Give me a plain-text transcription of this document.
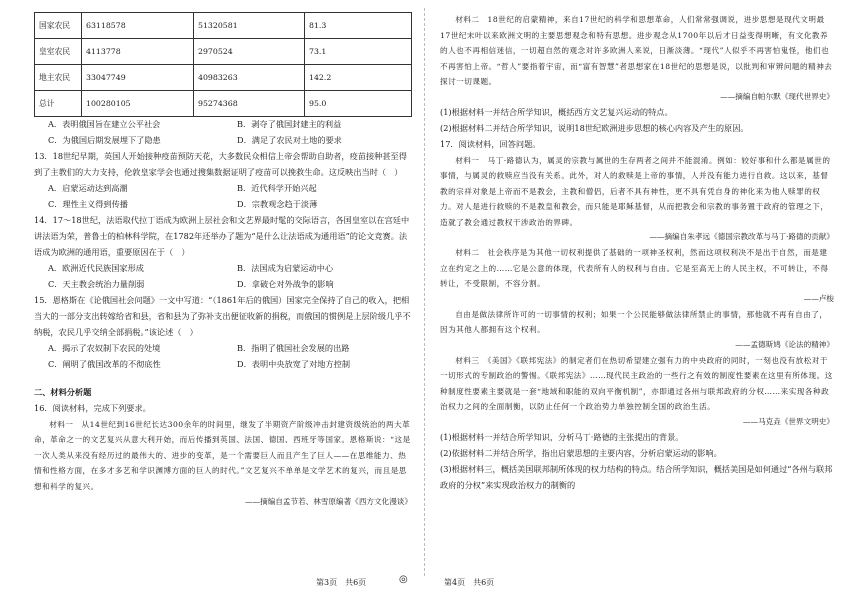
国家农民	63118578	51320581	81.3
皇室农民	4113778	2970524	73.1
地主农民	33047749	40983263	142.2
总计	100280105	95274368	95.0
A．表明俄国旨在建立公平社会	B．剥夺了俄国封建主的利益
C．为俄国后期发展埋下了隐患	D．满足了农民对土地的要求

13．18世纪早期，英国人开始接种疫苗预防天花，大多数民众相信上帝会帮助自助者，疫苗接种甚至得到了主教们的大力支持，伦敦皇家学会也通过搜集数据证明了疫苗可以挽救生命。这反映出当时（　）

A．启蒙运动达到高潮	B．近代科学开始兴起
C．理性主义得到传播	D．宗教观念趋于淡薄

14．17～18世纪，法语取代拉丁语成为欧洲上层社会和文艺界最时髦的交际语言，各国皇室以在宫廷中讲法语为荣，普鲁士的柏林科学院，在1782年还举办了题为“是什么让法语成为通用语”的论文竞赛。法语成为欧洲的通用语，重要原因在于（　）

A．欧洲近代民族国家形成	B．法国成为启蒙运动中心
C．天主教会统治力量削弱	D．拿破仑对外战争的影响

15．恩格斯在《论俄国社会问题》一文中写道：“（1861年后的俄国）国家完全保持了自己的收入，把相当大的一部分支出转嫁给省和县，省和县为了弥补支出便征收新的捐税，而俄国的惯例是上层阶级几乎不纳税，农民几乎交纳全部捐税。”该论述（　）

A．揭示了农奴制下农民的处境	B．指明了俄国社会发展的出路
C．阐明了俄国改革的不彻底性	D．表明中央放宽了对地方控制

二、材料分析题

16．阅读材料，完成下列要求。

材料一　从14世纪到16世纪长达300余年的时间里，继发了半期资产阶级冲击封建资级统治的两大革命，革命之一的文艺复兴从意大利开始，而后传播到英国、法国、德国、西班牙等国家。恩格斯说：“这是一次人类从来没有经历过的最伟大的、进步的变革，是一个需要巨人而且产生了巨人——在思维能力、热情和性格方面，在多才多艺和学识渊博方面的巨人的时代。”文艺复兴不单单是文学艺术的复兴，而且是思想和科学的复兴。

——摘编自孟节若、林雪原编著《西方文化漫谈》

材料二　18世纪的启蒙精神，来自17世纪的科学和思想革命，人们常常强调说，进步思想是现代文明最17世纪末叶以来欧洲文明的主要思想观念和特有思想。进步观念从1700年以后才日益变得明晰，有文化教养的人也不再相信迷信，一切超自然的观念对许多欧洲人来说，日渐淡薄。“现代”人似乎不再害怕鬼怪，他们也不再害怕上帝。“哲人”要指着宇宙，而“富有智慧”者思想家在18世纪的思想是说，以批判和审辨问题的精神去探讨一切课题。

——摘编自帕尔默《现代世界史》

(1)根据材料一并结合所学知识，概括西方文艺复兴运动的特点。

(2)根据材料二并结合所学知识，说明18世纪欧洲进步思想的核心内容及产生的原因。

17．阅读材料，回答问题。

材料一　马丁·路德认为，属灵的宗教与属世的生存两者之间并不能混淆。例如：较好事和什么都是属世的事情，与属灵的救赎应当没有关系。此外，对人的救赎是上帝的事情，人并没有能力进行自救。这以来，基督教的宗祥对象是上帝而不是教会，主教和僧侣，后者不具有神性，更不具有凭自身的神化来为他人赎罪的权力。对人是进行救赎的不是教皇和教会，而只能是耶稣基督，从而把教会和宗教的事务置于政府的管理之下，造就了教会通过教权干涉政治的界碑。

——摘编自朱孝远《德国宗教改革与马丁·路德的贡献》

材料二　社会秩序是为其他一切权利提供了基础的一项神圣权利，然而这项权利决不是出于自然，而是建立在约定之上的……它是公意的体现，代表所有人的权利与自由。它是至高无上的人民主权，不可转让，不得转让，不受限制，不容分割。

——卢梭

自由是做法律所许可的一切事情的权利；如果一个公民能够做法律所禁止的事情，那他就不再有自由了，因为其他人都拥有这个权利。

——孟德斯鸠《论法的精神》

材料三　《美国》《联邦宪法》的制定者们在热切希望建立强有力的中央政府的同时，一刻也没有放松对于一切形式的专制政治的警惕。《联邦宪法》……现代民主政治的一些行之有效的制度性要素在这里有所体现。这种制度性要素主要就是一套“地域和职能的双向平衡机制”，亦即通过各州与联邦政府的分权……来实现各种政治权力之间的全面制衡，以防止任何一个政治势力单独控制全国的政治生活。

——马克垚《世界文明史》

(1)根据材料一并结合所学知识，分析马丁·路德的主张提出的背景。

(2)依据材料二并结合所学，指出启蒙思想的主要内容，分析启蒙运动的影响。

(3)根据材料三，概括美国联邦制所体现的权力结构的特点。结合所学知识，概括美国是如何通过“各州与联邦政府的分权”来实现政治权力的制衡的

第3页　共6页	◎	第4页　共6页
